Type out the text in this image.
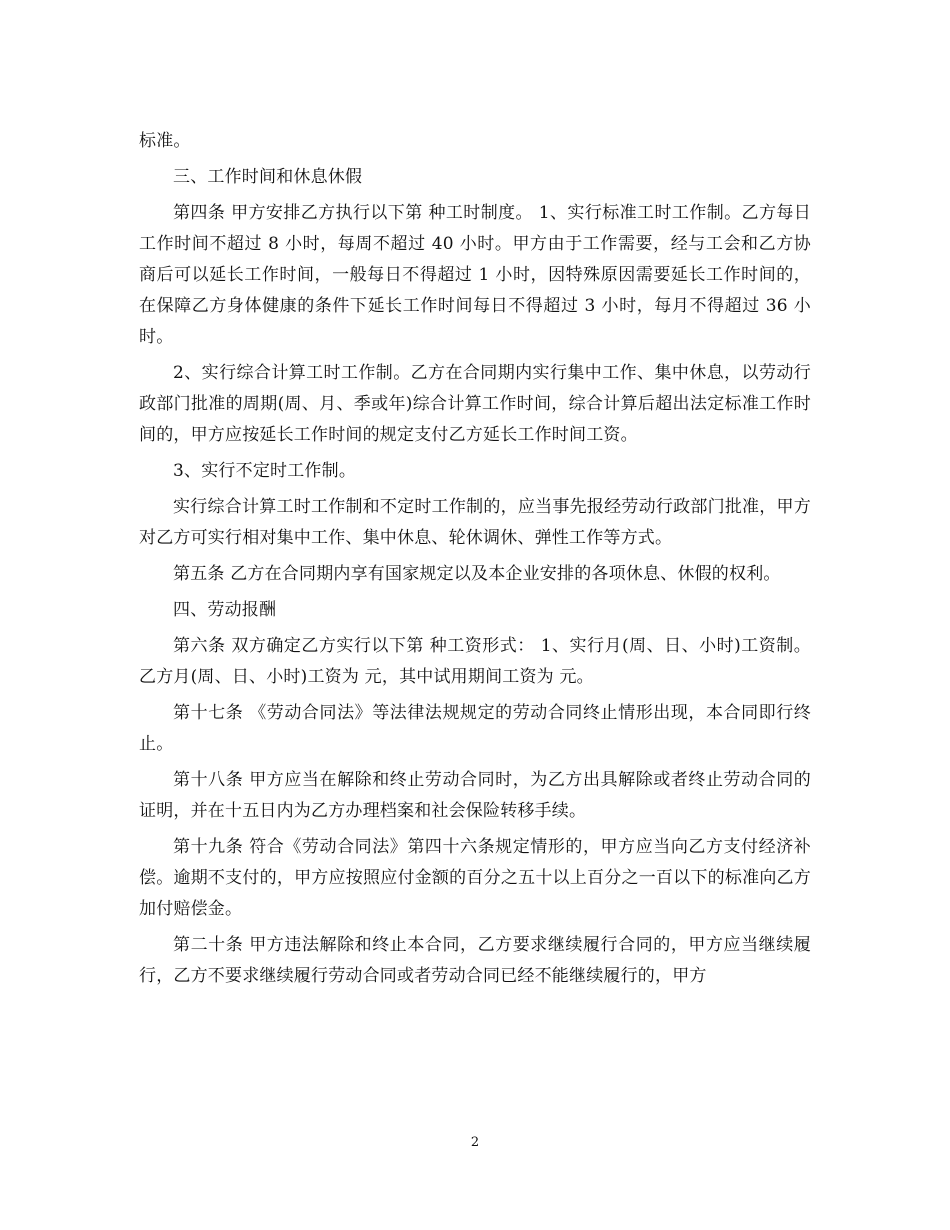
标准。

三、工作时间和休息休假

第四条 甲方安排乙方执行以下第 种工时制度。 1、实行标准工时工作制。乙方每日工作时间不超过 8 小时，每周不超过 40 小时。甲方由于工作需要，经与工会和乙方协商后可以延长工作时间，一般每日不得超过 1 小时，因特殊原因需要延长工作时间的，在保障乙方身体健康的条件下延长工作时间每日不得超过 3 小时，每月不得超过 36 小时。

2、实行综合计算工时工作制。乙方在合同期内实行集中工作、集中休息，以劳动行政部门批准的周期(周、月、季或年)综合计算工作时间，综合计算后超出法定标准工作时间的，甲方应按延长工作时间的规定支付乙方延长工作时间工资。

3、实行不定时工作制。

实行综合计算工时工作制和不定时工作制的，应当事先报经劳动行政部门批准，甲方对乙方可实行相对集中工作、集中休息、轮休调休、弹性工作等方式。

第五条 乙方在合同期内享有国家规定以及本企业安排的各项休息、休假的权利。

四、劳动报酬

第六条 双方确定乙方实行以下第 种工资形式： 1、实行月(周、日、小时)工资制。乙方月(周、日、小时)工资为 元，其中试用期间工资为 元。

第十七条 《劳动合同法》等法律法规规定的劳动合同终止情形出现，本合同即行终止。

第十八条 甲方应当在解除和终止劳动合同时，为乙方出具解除或者终止劳动合同的证明，并在十五日内为乙方办理档案和社会保险转移手续。

第十九条 符合《劳动合同法》第四十六条规定情形的，甲方应当向乙方支付经济补偿。逾期不支付的，甲方应按照应付金额的百分之五十以上百分之一百以下的标准向乙方加付赔偿金。

第二十条 甲方违法解除和终止本合同，乙方要求继续履行合同的，甲方应当继续履行，乙方不要求继续履行劳动合同或者劳动合同已经不能继续履行的，甲方

2
